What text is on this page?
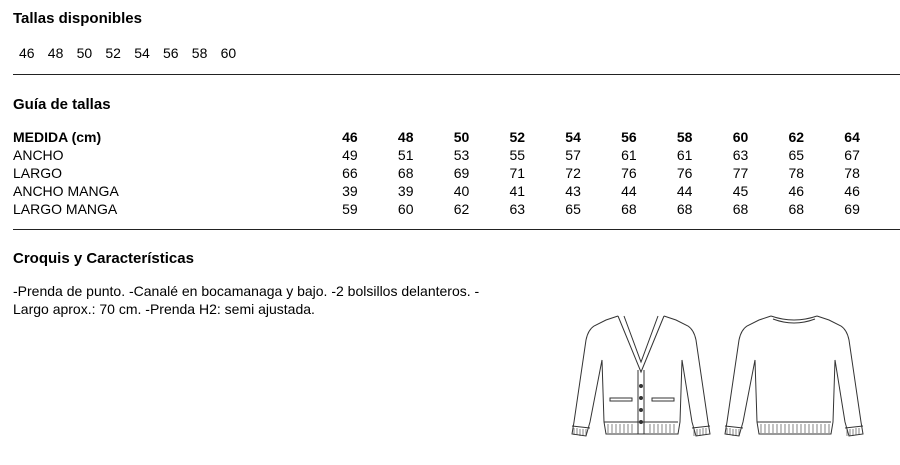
Tallas disponibles
46 48 50 52 54 56 58 60
Guía de tallas
MEDIDA (cm)	46	48	50	52	54	56	58	60	62	64
ANCHO	49	51	53	55	57	61	61	63	65	67
LARGO	66	68	69	71	72	76	76	77	78	78
ANCHO MANGA	39	39	40	41	43	44	44	45	46	46
LARGO MANGA	59	60	62	63	65	68	68	68	68	69
Croquis y Características
-Prenda de punto. -Canalé en bocamanaga y bajo. -2 bolsillos delanteros. -
Largo aprox.: 70 cm. -Prenda H2: semi ajustada.
